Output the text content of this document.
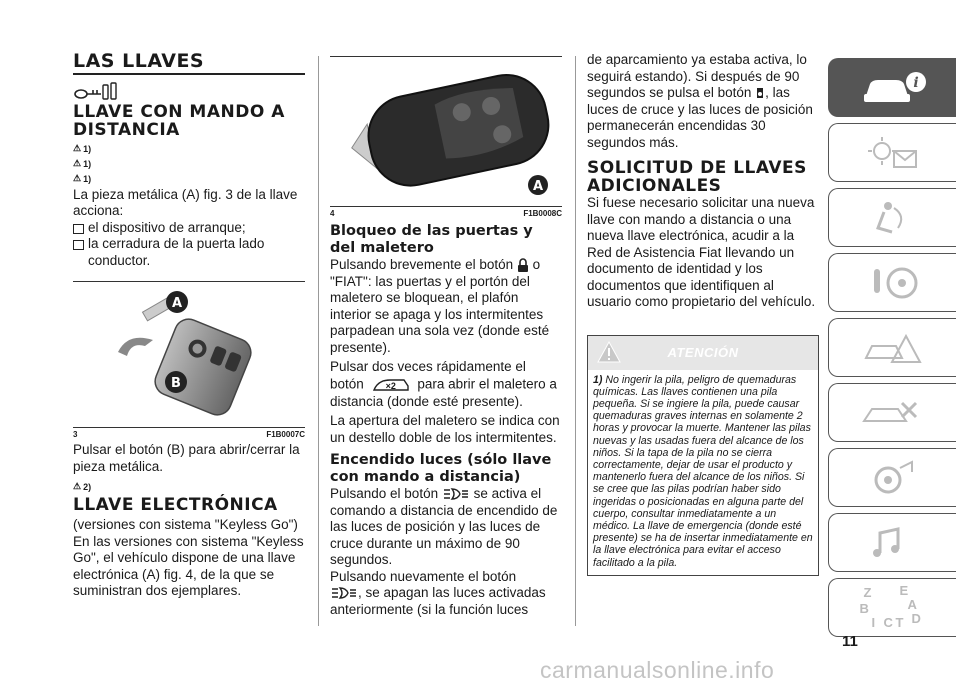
LAS LLAVES
LLAVE CON MANDO A DISTANCIA
⚠ 1)
⚠ 1)
⚠ 1)

La pieza metálica (A) fig. 3 de la llave acciona:

el dispositivo de arranque;

la cerradura de la puerta lado conductor.

A
B
3	F1B0007C

Pulsar el botón (B) para abrir/cerrar la pieza metálica.

⚠ 2)
LLAVE ELECTRÓNICA

(versiones con sistema "Keyless Go")

En las versiones con sistema "Keyless Go", el vehículo dispone de una llave electrónica (A) fig. 4, de la que se suministran dos ejemplares.

A
4	F1B0008C
Bloqueo de las puertas y del maletero

Pulsando brevemente el botón o "FIAT": las puertas y el portón del maletero se bloquean, el plafón interior se apaga y los intermitentes parpadean una sola vez (donde esté presente).

Pulsar dos veces rápidamente el

botón ×2 para abrir el maletero a distancia (donde esté presente).

La apertura del maletero se indica con un destello doble de los intermitentes.

Encendido luces (sólo llave con mando a distancia)

Pulsando el botón	se activa el comando a distancia de encendido de las luces de posición y las luces de cruce durante un máximo de 90 segundos.

Pulsando nuevamente el botón

, se apagan las luces activadas anteriormente (si la función luces

de aparcamiento ya estaba activa, lo seguirá estando). Si después de 90 segundos se pulsa el botón , las luces de cruce y las luces de posición permanecerán encendidas 30 segundos más.

SOLICITUD DE LLAVES ADICIONALES

Si fuese necesario solicitar una nueva llave con mando a distancia o una nueva llave electrónica, acudir a la Red de Asistencia Fiat llevando un documento de identidad y los documentos que identifiquen al usuario como propietario del vehículo.

ATENCIÓN
1) No ingerir la pila, peligro de quemaduras químicas. Las llaves contienen una pila pequeña. Si se ingiere la pila, puede causar quemaduras graves internas en solamente 2 horas y provocar la muerte. Mantener las pilas nuevas y las usadas fuera del alcance de los niños. Si la tapa de la pila no se cierra correctamente, dejar de usar el producto y mantenerlo fuera del alcance de los niños. Si se cree que las pilas podrían haber sido ingeridas o posicionadas en alguna parte del cuerpo, consultar inmediatamente a un médico. La llave de emergencia (donde esté presente) se ha de insertar inmediatamente en la llave electrónica para evitar el acceso facilitado a la pila.
i
Z E
A
B
I C T D
11
carmanualsonline.info
